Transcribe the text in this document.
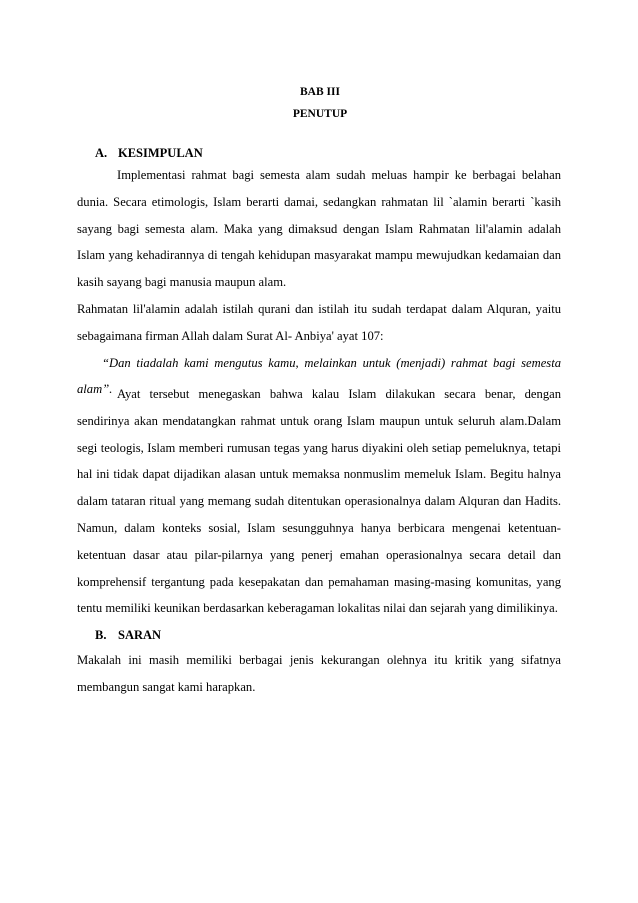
BAB III
PENUTUP
A. KESIMPULAN

Implementasi rahmat bagi semesta alam sudah meluas hampir ke berbagai belahan dunia. Secara etimologis, Islam berarti damai, sedangkan rahmatan lil `alamin berarti `kasih sayang bagi semesta alam. Maka yang dimaksud dengan Islam Rahmatan lil'alamin adalah Islam yang kehadirannya di tengah kehidupan masyarakat mampu mewujudkan kedamaian dan kasih sayang bagi manusia maupun alam.

Rahmatan lil'alamin adalah istilah qurani dan istilah itu sudah terdapat dalam Alquran, yaitu sebagaimana firman Allah dalam Surat Al- Anbiya' ayat 107:

“Dan tiadalah kami mengutus kamu, melainkan untuk (menjadi) rahmat bagi semesta alam”. Ayat tersebut menegaskan bahwa kalau Islam dilakukan secara benar, dengan sendirinya akan mendatangkan rahmat untuk orang Islam maupun untuk seluruh alam.Dalam segi teologis, Islam memberi rumusan tegas yang harus diyakini oleh setiap pemeluknya, tetapi hal ini tidak dapat dijadikan alasan untuk memaksa nonmuslim memeluk Islam. Begitu halnya dalam tataran ritual yang memang sudah ditentukan operasionalnya dalam Alquran dan Hadits. Namun, dalam konteks sosial, Islam sesungguhnya hanya berbicara mengenai ketentuan-ketentuan dasar atau pilar-pilarnya yang penerj emahan operasionalnya secara detail dan komprehensif tergantung pada kesepakatan dan pemahaman masing-masing komunitas, yang tentu memiliki keunikan berdasarkan keberagaman lokalitas nilai dan sejarah yang dimilikinya.

B. SARAN

Makalah ini masih memiliki berbagai jenis kekurangan olehnya itu kritik yang sifatnya membangun sangat kami harapkan.
